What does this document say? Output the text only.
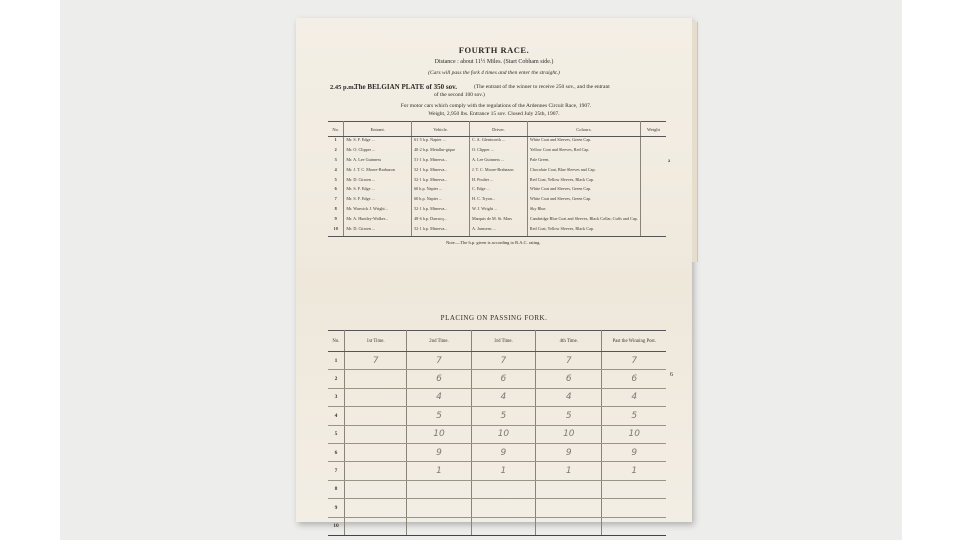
FOURTH RACE.
Distance : about 11½ Miles. (Start Cobham side.)
(Cars will pass the fork 4 times and then enter the straight.)
2.45 p.m.
The BELGIAN PLATE of 350 sov.	(The entrant of the winner to receive 250 sov., and the entrant
of the second 100 sov.)
For motor cars which comply with the regulations of the Ardennes Circuit Race, 1907.
Weight, 2,950 lbs. Entrance 15 sov. Closed July 25th, 1907.
No.	Entrant.	Vehicle.	Driver.	Colours.	Weight
1	Mr. S. F. Edge ...	61·5 h.p. Napier ...	C. A. Glentworth ...	White Coat and Sleeves, Green Cap.	
2	Mr. O. Clipper ...	40·2 h.p. Metallur-gique	O. Clipper ...	Yellow Coat and Sleeves, Red Cap.	
3	Mr. A. Lee Guinness	51·1 h.p. Minerva...	A. Lee Guinness ...	Pale Green.	
4	Mr. J. T. C. Moore-Brabazon	52·1 h.p. Minerva...	J. T. C. Moore-Brabazon	Chocolate Coat, Blue Sleeves and Cap.	
5	Mr. D. Citroen ...	52·1 h.p. Minerva...	H. Poulter ...	Red Coat, Yellow Sleeves, Black Cap.	
6	Mr. S. F. Edge ...	60 h.p. Napier ...	C. Edge ...	White Coat and Sleeves, Green Cap.	
7	Mr. S. F. Edge ...	60 h.p. Napier ...	H. C. Tryon...	White Coat and Sleeves, Green Cap.	
8	Mr. Warwick J. Wright...	52·1 h.p. Minerva...	W. J. Wright ...	Sky Blue.	
9	Mr. A. Huntley-Walker...	48·6 h.p. Darracq...	Marquis de M. St. Mars	Cambridge Blue Coat and Sleeves, Black Collar, Cuffs and Cap.	
10	Mr. D. Citroen ...	52·1 h.p. Minerva...	A. Janssens ...	Red Coat, Yellow Sleeves, Black Cap.	
Note.—The h.p. given is according to R.A.C. rating.
a
PLACING ON PASSING FORK.
No.	1st Time.	2nd Time.	3rd Time.	4th Time.	Past the Winning Post.
1	7	7	7	7	7
2		6	6	6	6
3		4	4	4	4
4		5	5	5	5
5		10	10	10	10
6		9	9	9	9
7		1	1	1	1
8					
9					
10					
6
